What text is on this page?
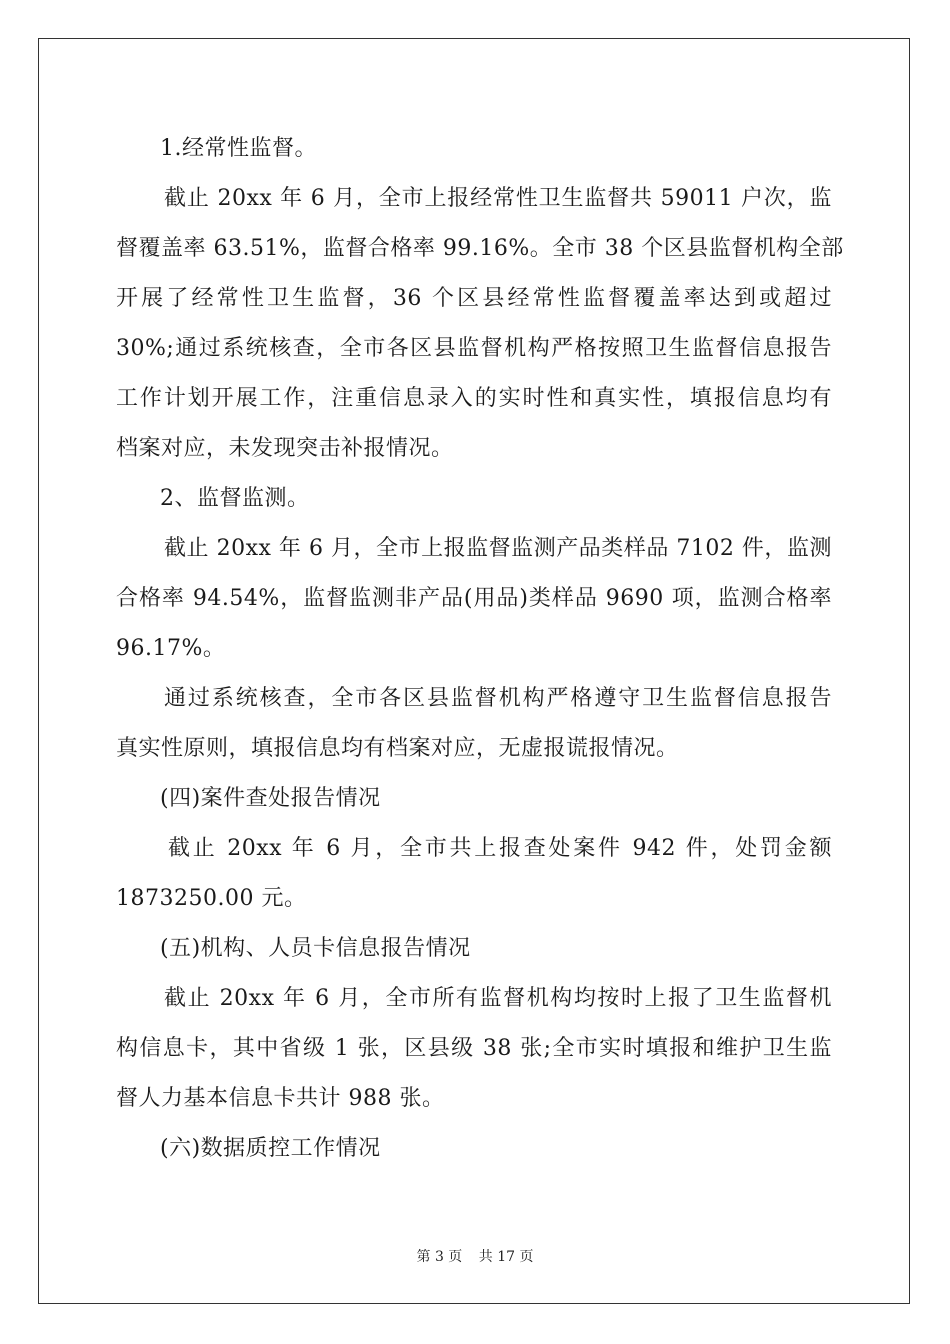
1.经常性监督。
截止 20xx 年 6 月，全市上报经常性卫生监督共 59011 户次，监
督覆盖率 63.51%，监督合格率 99.16%。全市 38 个区县监督机构全部
开展了经常性卫生监督，36 个区县经常性监督覆盖率达到或超过
30%;通过系统核查，全市各区县监督机构严格按照卫生监督信息报告
工作计划开展工作，注重信息录入的实时性和真实性，填报信息均有
档案对应，未发现突击补报情况。
2、监督监测。
截止 20xx 年 6 月，全市上报监督监测产品类样品 7102 件，监测
合格率 94.54%，监督监测非产品(用品)类样品 9690 项，监测合格率
96.17%。
通过系统核查，全市各区县监督机构严格遵守卫生监督信息报告
真实性原则，填报信息均有档案对应，无虚报谎报情况。
(四)案件查处报告情况
截止 20xx 年 6 月，全市共上报查处案件 942 件，处罚金额
1873250.00 元。
(五)机构、人员卡信息报告情况
截止 20xx 年 6 月，全市所有监督机构均按时上报了卫生监督机
构信息卡，其中省级 1 张，区县级 38 张;全市实时填报和维护卫生监
督人力基本信息卡共计 988 张。
(六)数据质控工作情况
第 3 页 共 17 页
